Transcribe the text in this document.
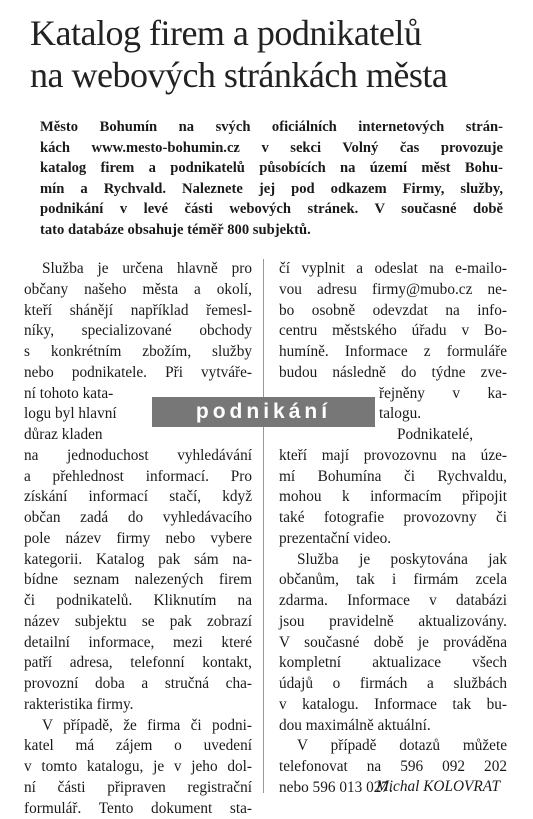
Katalog firem a podnikatelů
na webových stránkách města
Město Bohumín na svých oficiálních internetových strán-
kách www.mesto-bohumin.cz v sekci Volný čas provozuje
katalog firem a podnikatelů působících na území měst Bohu-
mín a Rychvald. Naleznete jej pod odkazem Firmy, služby,
podnikání v levé části webových stránek. V současné době
tato databáze obsahuje téměř 800 subjektů.
Služba je určena hlavně pro
občany našeho města a okolí,
kteří shánějí například řemesl-
níky, specializované obchody
s konkrétním zbožím, služby
nebo podnikatele. Při vytváře-
ní tohoto kata-
logu byl hlavní
důraz kladen
na jednoduchost vyhledávání
a přehlednost informací. Pro
získání informací stačí, když
občan zadá do vyhledávacího
pole název firmy nebo vybere
kategorii. Katalog pak sám na-
bídne seznam nalezených firem
či podnikatelů. Kliknutím na
název subjektu se pak zobrazí
detailní informace, mezi které
patří adresa, telefonní kontakt,
provozní doba a stručná cha-
rakteristika firmy.
V případě, že firma či podni-
katel má zájem o uvedení
v tomto katalogu, je v jeho dol-
ní části připraven registrační
formulář. Tento dokument sta-
čí vyplnit a odeslat na e-mailo-
vou adresu firmy@mubo.cz ne-
bo osobně odevzdat na info-
centru městského úřadu v Bo-
humíně. Informace z formuláře
budou následně do týdne zve-
řejněny v ka-
talogu.
Podnikatelé,
kteří mají provozovnu na úze-
mí Bohumína či Rychvaldu,
mohou k informacím připojit
také fotografie provozovny či
prezentační video.
Služba je poskytována jak
občanům, tak i firmám zcela
zdarma. Informace v databázi
jsou pravidelně aktualizovány.
V současné době je prováděna
kompletní aktualizace všech
údajů o firmách a službách
v katalogu. Informace tak bu-
dou maximálně aktuální.
V případě dotazů můžete
telefonovat na 596 092 202
nebo 596 013 027.
podnikání
Michal KOLOVRAT
